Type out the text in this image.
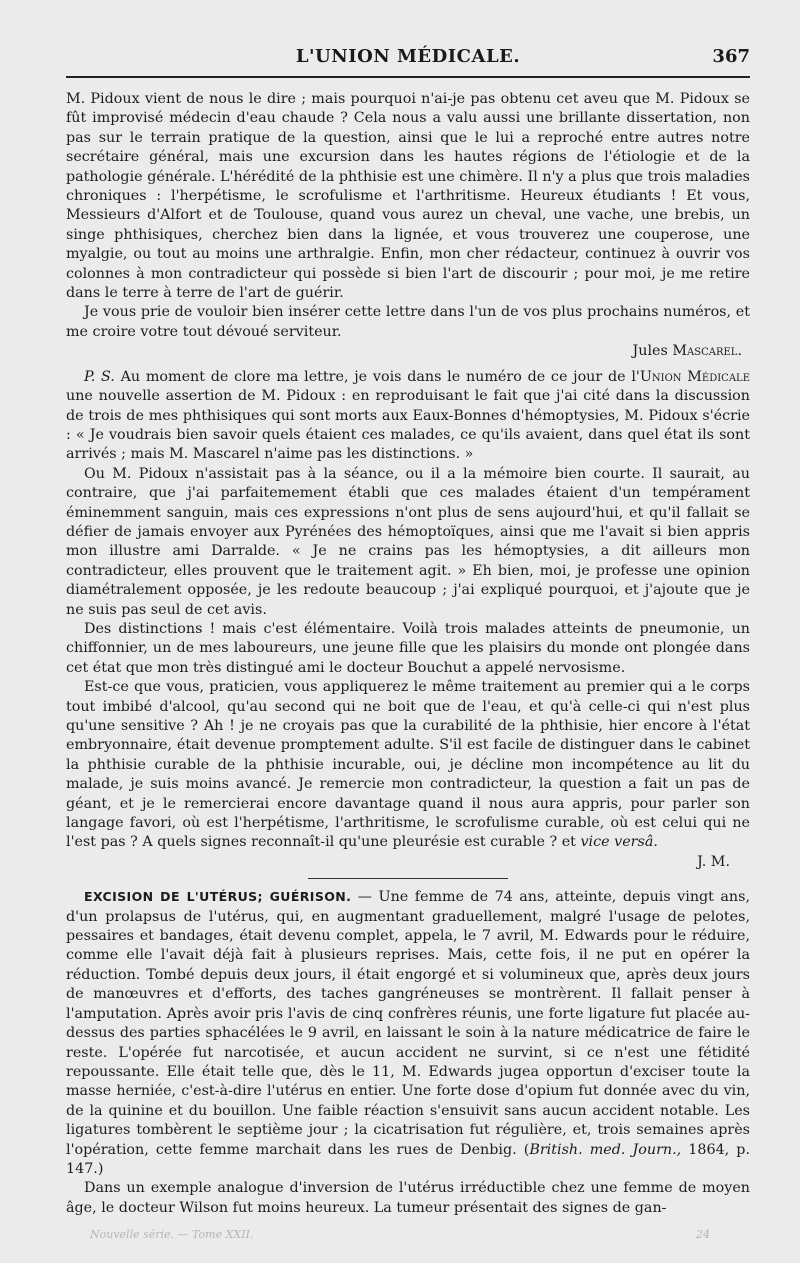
L'UNION MÉDICALE.	367

M. Pidoux vient de nous le dire ; mais pourquoi n'ai-je pas obtenu cet aveu que M. Pidoux se fût improvisé médecin d'eau chaude ? Cela nous a valu aussi une brillante dissertation, non pas sur le terrain pratique de la question, ainsi que le lui a reproché entre autres notre secrétaire général, mais une excursion dans les hautes régions de l'étiologie et de la pathologie générale. L'hérédité de la phthisie est une chimère. Il n'y a plus que trois maladies chroniques : l'herpétisme, le scrofulisme et l'arthritisme. Heureux étudiants ! Et vous, Messieurs d'Alfort et de Toulouse, quand vous aurez un cheval, une vache, une brebis, un singe phthisiques, cherchez bien dans la lignée, et vous trouverez une couperose, une myalgie, ou tout au moins une arthralgie. Enfin, mon cher rédacteur, continuez à ouvrir vos colonnes à mon contradicteur qui possède si bien l'art de discourir ; pour moi, je me retire dans le terre à terre de l'art de guérir.

Je vous prie de vouloir bien insérer cette lettre dans l'un de vos plus prochains numéros, et me croire votre tout dévoué serviteur.

Jules Mascarel.

P. S. Au moment de clore ma lettre, je vois dans le numéro de ce jour de l'Union Médicale une nouvelle assertion de M. Pidoux : en reproduisant le fait que j'ai cité dans la discussion de trois de mes phthisiques qui sont morts aux Eaux-Bonnes d'hémoptysies, M. Pidoux s'écrie : « Je voudrais bien savoir quels étaient ces malades, ce qu'ils avaient, dans quel état ils sont arrivés ; mais M. Mascarel n'aime pas les distinctions. »

Ou M. Pidoux n'assistait pas à la séance, ou il a la mémoire bien courte. Il saurait, au contraire, que j'ai parfaitemement établi que ces malades étaient d'un tempérament éminemment sanguin, mais ces expressions n'ont plus de sens aujourd'hui, et qu'il fallait se défier de jamais envoyer aux Pyrénées des hémoptoïques, ainsi que me l'avait si bien appris mon illustre ami Darralde. « Je ne crains pas les hémoptysies, a dit ailleurs mon contradicteur, elles prouvent que le traitement agit. » Eh bien, moi, je professe une opinion diamétralement opposée, je les redoute beaucoup ; j'ai expliqué pourquoi, et j'ajoute que je ne suis pas seul de cet avis.

Des distinctions ! mais c'est élémentaire. Voilà trois malades atteints de pneumonie, un chiffonnier, un de mes laboureurs, une jeune fille que les plaisirs du monde ont plongée dans cet état que mon très distingué ami le docteur Bouchut a appelé nervosisme.

Est-ce que vous, praticien, vous appliquerez le même traitement au premier qui a le corps tout imbibé d'alcool, qu'au second qui ne boit que de l'eau, et qu'à celle-ci qui n'est plus qu'une sensitive ? Ah ! je ne croyais pas que la curabilité de la phthisie, hier encore à l'état embryonnaire, était devenue promptement adulte. S'il est facile de distinguer dans le cabinet la phthisie curable de la phthisie incurable, oui, je décline mon incompétence au lit du malade, je suis moins avancé. Je remercie mon contradicteur, la question a fait un pas de géant, et je le remercierai encore davantage quand il nous aura appris, pour parler son langage favori, où est l'herpétisme, l'arthritisme, le scrofulisme curable, où est celui qui ne l'est pas ? A quels signes reconnaît-il qu'une pleurésie est curable ? et vice versâ.

J. M.

EXCISION DE L'UTÉRUS; GUÉRISON. — Une femme de 74 ans, atteinte, depuis vingt ans, d'un prolapsus de l'utérus, qui, en augmentant graduellement, malgré l'usage de pelotes, pessaires et bandages, était devenu complet, appela, le 7 avril, M. Edwards pour le réduire, comme elle l'avait déjà fait à plusieurs reprises. Mais, cette fois, il ne put en opérer la réduction. Tombé depuis deux jours, il était engorgé et si volumineux que, après deux jours de manœuvres et d'efforts, des taches gangréneuses se montrèrent. Il fallait penser à l'amputation. Après avoir pris l'avis de cinq confrères réunis, une forte ligature fut placée au-dessus des parties sphacélées le 9 avril, en laissant le soin à la nature médicatrice de faire le reste. L'opérée fut narcotisée, et aucun accident ne survint, si ce n'est une fétidité repoussante. Elle était telle que, dès le 11, M. Edwards jugea opportun d'exciser toute la masse herniée, c'est-à-dire l'utérus en entier. Une forte dose d'opium fut donnée avec du vin, de la quinine et du bouillon. Une faible réaction s'ensuivit sans aucun accident notable. Les ligatures tombèrent le septième jour ; la cicatrisation fut régulière, et, trois semaines après l'opération, cette femme marchait dans les rues de Denbig. (British. med. Journ., 1864, p. 147.)

Dans un exemple analogue d'inversion de l'utérus irréductible chez une femme de moyen âge, le docteur Wilson fut moins heureux. La tumeur présentait des signes de gan-

Nouvelle série. — Tome XXII.	24
